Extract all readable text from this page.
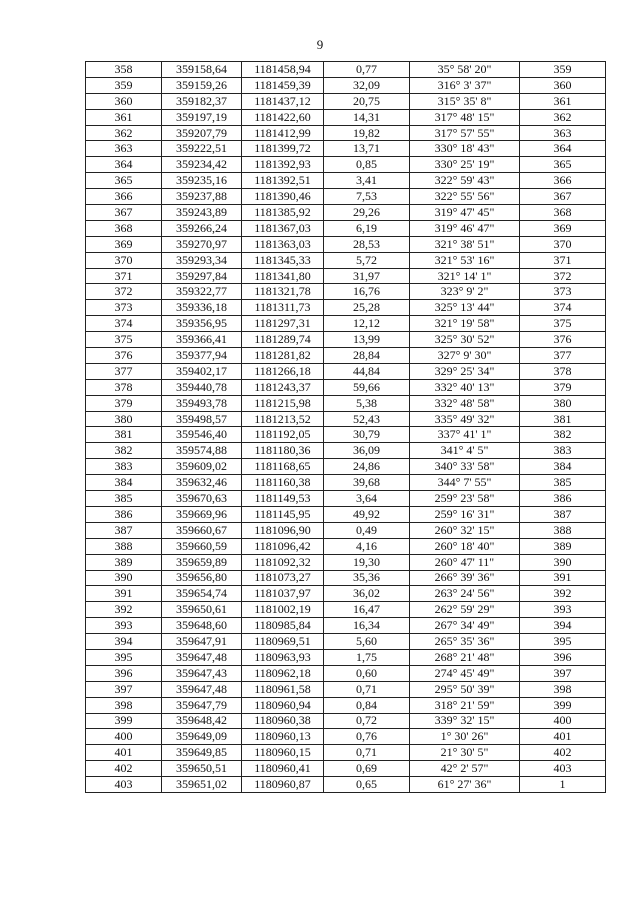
9
358	359158,64	1181458,94	0,77	35° 58' 20"	359
359	359159,26	1181459,39	32,09	316° 3' 37"	360
360	359182,37	1181437,12	20,75	315° 35' 8"	361
361	359197,19	1181422,60	14,31	317° 48' 15"	362
362	359207,79	1181412,99	19,82	317° 57' 55"	363
363	359222,51	1181399,72	13,71	330° 18' 43"	364
364	359234,42	1181392,93	0,85	330° 25' 19"	365
365	359235,16	1181392,51	3,41	322° 59' 43"	366
366	359237,88	1181390,46	7,53	322° 55' 56"	367
367	359243,89	1181385,92	29,26	319° 47' 45"	368
368	359266,24	1181367,03	6,19	319° 46' 47"	369
369	359270,97	1181363,03	28,53	321° 38' 51"	370
370	359293,34	1181345,33	5,72	321° 53' 16"	371
371	359297,84	1181341,80	31,97	321° 14' 1"	372
372	359322,77	1181321,78	16,76	323° 9' 2"	373
373	359336,18	1181311,73	25,28	325° 13' 44"	374
374	359356,95	1181297,31	12,12	321° 19' 58"	375
375	359366,41	1181289,74	13,99	325° 30' 52"	376
376	359377,94	1181281,82	28,84	327° 9' 30"	377
377	359402,17	1181266,18	44,84	329° 25' 34"	378
378	359440,78	1181243,37	59,66	332° 40' 13"	379
379	359493,78	1181215,98	5,38	332° 48' 58"	380
380	359498,57	1181213,52	52,43	335° 49' 32"	381
381	359546,40	1181192,05	30,79	337° 41' 1"	382
382	359574,88	1181180,36	36,09	341° 4' 5"	383
383	359609,02	1181168,65	24,86	340° 33' 58"	384
384	359632,46	1181160,38	39,68	344° 7' 55"	385
385	359670,63	1181149,53	3,64	259° 23' 58"	386
386	359669,96	1181145,95	49,92	259° 16' 31"	387
387	359660,67	1181096,90	0,49	260° 32' 15"	388
388	359660,59	1181096,42	4,16	260° 18' 40"	389
389	359659,89	1181092,32	19,30	260° 47' 11"	390
390	359656,80	1181073,27	35,36	266° 39' 36"	391
391	359654,74	1181037,97	36,02	263° 24' 56"	392
392	359650,61	1181002,19	16,47	262° 59' 29"	393
393	359648,60	1180985,84	16,34	267° 34' 49"	394
394	359647,91	1180969,51	5,60	265° 35' 36"	395
395	359647,48	1180963,93	1,75	268° 21' 48"	396
396	359647,43	1180962,18	0,60	274° 45' 49"	397
397	359647,48	1180961,58	0,71	295° 50' 39"	398
398	359647,79	1180960,94	0,84	318° 21' 59"	399
399	359648,42	1180960,38	0,72	339° 32' 15"	400
400	359649,09	1180960,13	0,76	1° 30' 26"	401
401	359649,85	1180960,15	0,71	21° 30' 5"	402
402	359650,51	1180960,41	0,69	42° 2' 57"	403
403	359651,02	1180960,87	0,65	61° 27' 36"	1
